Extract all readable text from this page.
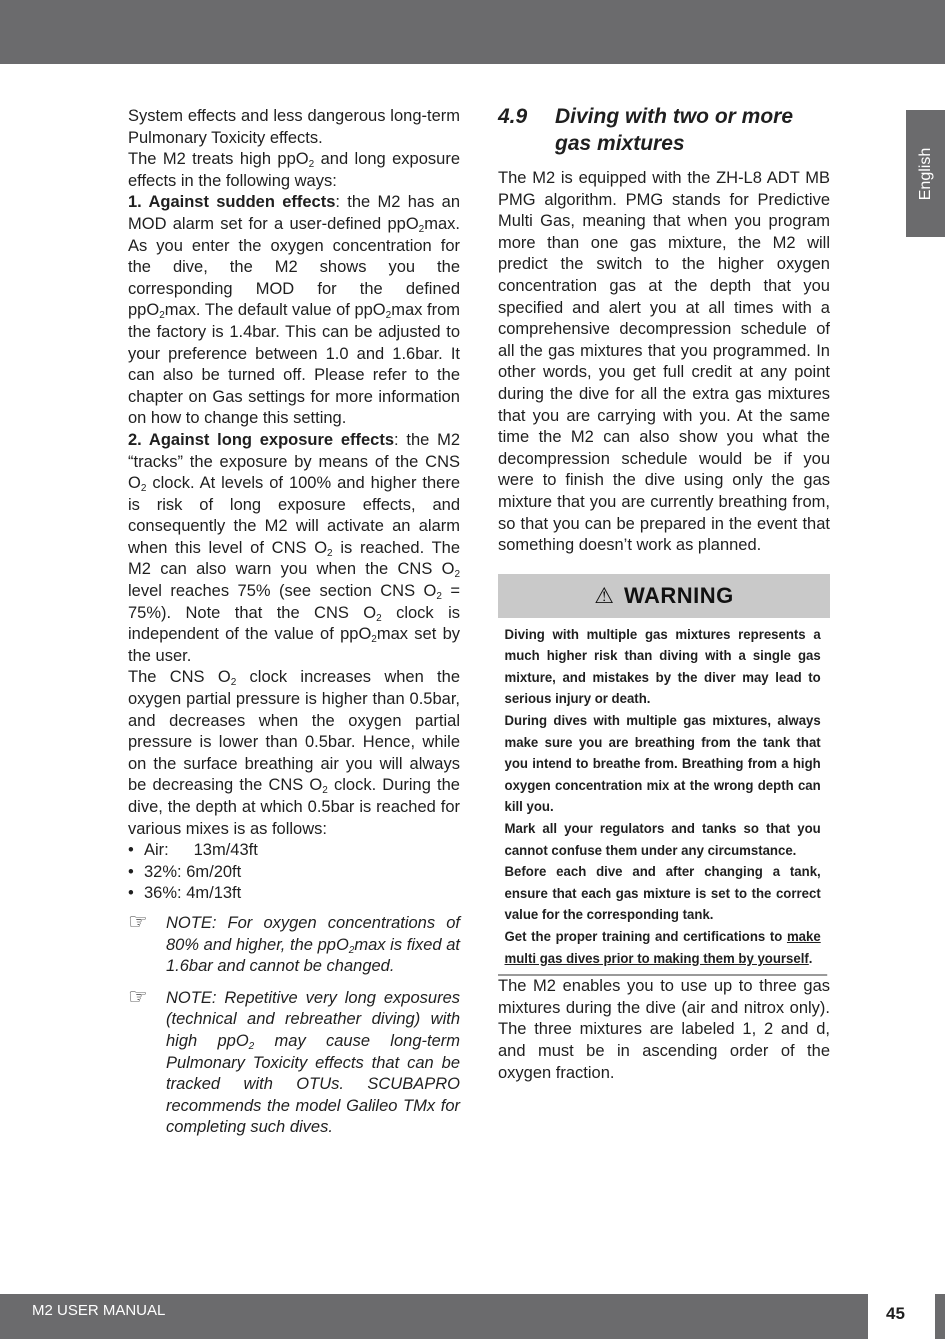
English

System effects and less dangerous long-term Pulmonary Toxicity effects.

The M2 treats high ppO$_2$ and long exposure effects in the following ways:

1. Against sudden effects: the M2 has an MOD alarm set for a user-defined ppO$_2$max. As you enter the oxygen concentration for the dive, the M2 shows you the corresponding MOD for the defined ppO$_2$max. The default value of ppO$_2$max from the factory is 1.4bar. This can be adjusted to your preference between 1.0 and 1.6bar. It can also be turned off. Please refer to the chapter on Gas settings for more information on how to change this setting.

2. Against long exposure effects: the M2 “tracks” the exposure by means of the CNS $O_2$ clock. At levels of 100% and higher there is risk of long exposure effects, and consequently the M2 will activate an alarm when this level of CNS $O_2$ is reached. The M2 can also warn you when the CNS $O_2$ level reaches 75% (see section CNS $O_2 = 75\%$). Note that the CNS $O_2$ clock is independent of the value of ppO$_2$max set by the user.

The CNS $O_2$ clock increases when the oxygen partial pressure is higher than 0.5bar, and decreases when the oxygen partial pressure is lower than 0.5bar. Hence, while on the surface breathing air you will always be decreasing the CNS $O_2$ clock. During the dive, the depth at which 0.5bar is reached for various mixes is as follows:

• Air: 13m/43ft

• 32%: 6m/20ft

• 36%: 4m/13ft

☞ NOTE: For oxygen concentrations of 80% and higher, the ppO$_2$max is fixed at 1.6bar and cannot be changed.

☞ NOTE: Repetitive very long exposures (technical and rebreather diving) with high ppO$_2$ may cause long-term Pulmonary Toxicity effects that can be tracked with OTUs. SCUBAPRO recommends the model Galileo TMx for completing such dives.

4.9 Diving with two or more gas mixtures

The M2 is equipped with the ZH-L8 ADT MB PMG algorithm. PMG stands for Predictive Multi Gas, meaning that when you program more than one gas mixture, the M2 will predict the switch to the higher oxygen concentration gas at the depth that you specified and alert you at all times with a comprehensive decompression schedule of all the gas mixtures that you programmed. In other words, you get full credit at any point during the dive for all the extra gas mixtures that you are carrying with you. At the same time the M2 can also show you what the decompression schedule would be if you were to finish the dive using only the gas mixture that you are currently breathing from, so that you can be prepared in the event that something doesn’t work as planned.

⚠ WARNING

Diving with multiple gas mixtures represents a much higher risk than diving with a single gas mixture, and mistakes by the diver may lead to serious injury or death.

During dives with multiple gas mixtures, always make sure you are breathing from the tank that you intend to breathe from. Breathing from a high oxygen concentration mix at the wrong depth can kill you.

Mark all your regulators and tanks so that you cannot confuse them under any circumstance.

Before each dive and after changing a tank, ensure that each gas mixture is set to the correct value for the corresponding tank.

Get the proper training and certifications to make multi gas dives prior to making them by yourself.

The M2 enables you to use up to three gas mixtures during the dive (air and nitrox only). The three mixtures are labeled 1, 2 and d, and must be in ascending order of the oxygen fraction.

M2 USER MANUAL	45
